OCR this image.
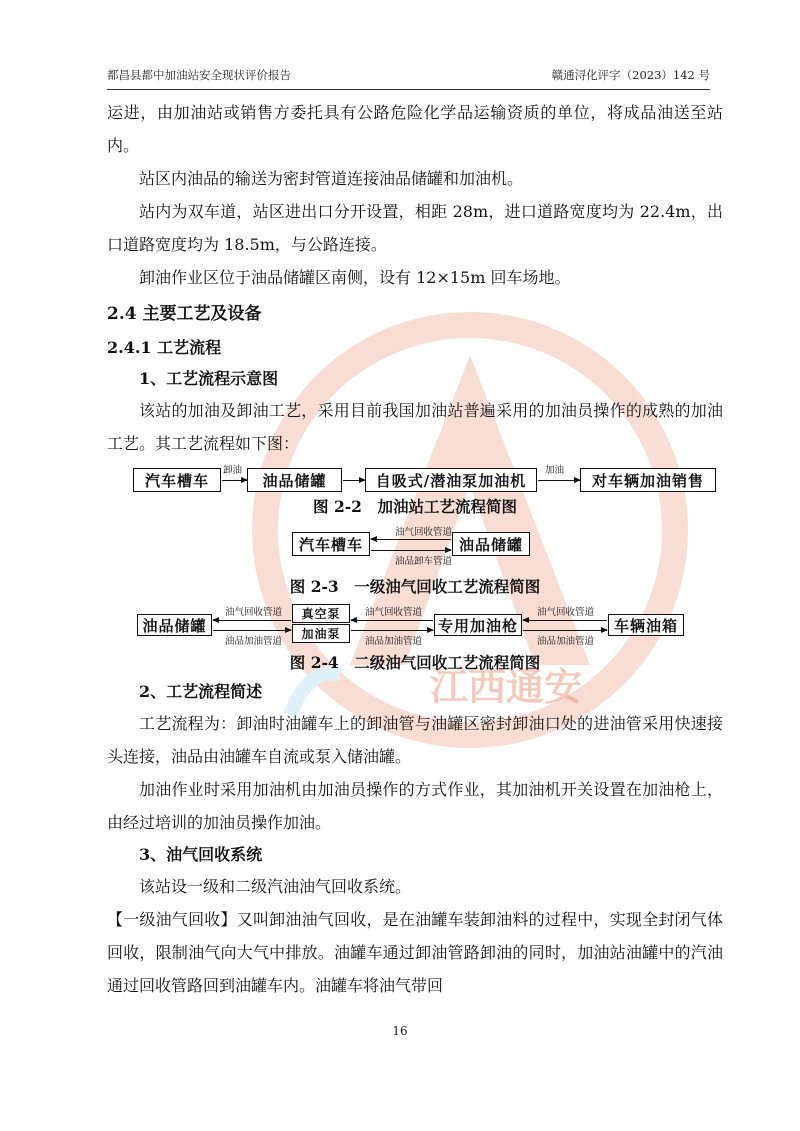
江西通安
都昌县都中加油站安全现状评价报告	赣通浔化评字（2023）142 号

运进，由加油站或销售方委托具有公路危险化学品运输资质的单位，将成品油送至站内。

站区内油品的输送为密封管道连接油品储罐和加油机。

站内为双车道，站区进出口分开设置，相距 28m，进口道路宽度均为 22.4m，出口道路宽度均为 18.5m，与公路连接。

卸油作业区位于油品储罐区南侧，设有 12×15m 回车场地。

2.4 主要工艺及设备

2.4.1 工艺流程

1、工艺流程示意图

该站的加油及卸油工艺，采用目前我国加油站普遍采用的加油员操作的成熟的加油工艺。其工艺流程如下图：

汽车槽车
卸油
油品储罐	自吸式/潜油泵加油机
加油
对车辆加油销售
图 2-2　加油站工艺流程简图
汽车槽车
油气回收管道
油品卸车管道
油品储罐
图 2-3　一级油气回收工艺流程简图
油品储罐
油气回收管道
油品加油管道
真空泵
加油泵
油气回收管道
油品加油管道
专用加油枪
油气回收管道
油品加油管道
车辆油箱
图 2-4　二级油气回收工艺流程简图

2、工艺流程简述

工艺流程为：卸油时油罐车上的卸油管与油罐区密封卸油口处的进油管采用快速接头连接，油品由油罐车自流或泵入储油罐。

加油作业时采用加油机由加油员操作的方式作业，其加油机开关设置在加油枪上，由经过培训的加油员操作加油。

3、油气回收系统

该站设一级和二级汽油油气回收系统。

【一级油气回收】又叫卸油油气回收，是在油罐车装卸油料的过程中，实现全封闭气体回收，限制油气向大气中排放。油罐车通过卸油管路卸油的同时，加油站油罐中的汽油通过回收管路回到油罐车内。油罐车将油气带回

16
